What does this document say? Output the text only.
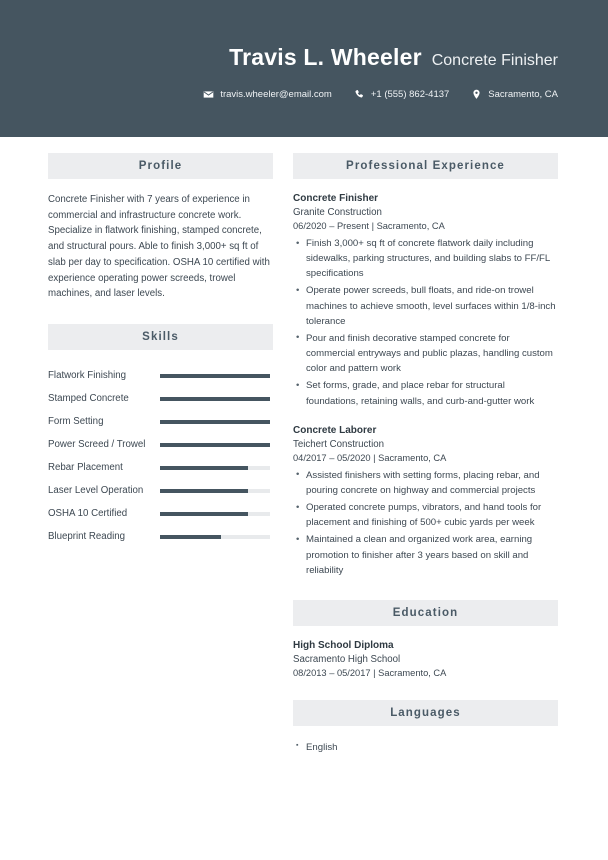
Travis L. Wheeler Concrete Finisher
travis.wheeler@email.com	+1 (555) 862-4137	Sacramento, CA
Profile
Concrete Finisher with 7 years of experience in commercial and infrastructure concrete work. Specialize in flatwork finishing, stamped concrete, and structural pours. Able to finish 3,000+ sq ft of slab per day to specification. OSHA 10 certified with experience operating power screeds, trowel machines, and laser levels.
Skills
Flatwork Finishing
Stamped Concrete
Form Setting
Power Screed / Trowel
Rebar Placement
Laser Level Operation
OSHA 10 Certified
Blueprint Reading
Professional Experience
Concrete Finisher
Granite Construction
06/2020 – Present | Sacramento, CA
• Finish 3,000+ sq ft of concrete flatwork daily including sidewalks, parking structures, and building slabs to FF/FL specifications
• Operate power screeds, bull floats, and ride-on trowel machines to achieve smooth, level surfaces within 1/8-inch tolerance
• Pour and finish decorative stamped concrete for commercial entryways and public plazas, handling custom color and pattern work
• Set forms, grade, and place rebar for structural foundations, retaining walls, and curb-and-gutter work
Concrete Laborer
Teichert Construction
04/2017 – 05/2020 | Sacramento, CA
• Assisted finishers with setting forms, placing rebar, and pouring concrete on highway and commercial projects
• Operated concrete pumps, vibrators, and hand tools for placement and finishing of 500+ cubic yards per week
• Maintained a clean and organized work area, earning promotion to finisher after 3 years based on skill and reliability
Education
High School Diploma
Sacramento High School
08/2013 – 05/2017 | Sacramento, CA
Languages
▪ English
